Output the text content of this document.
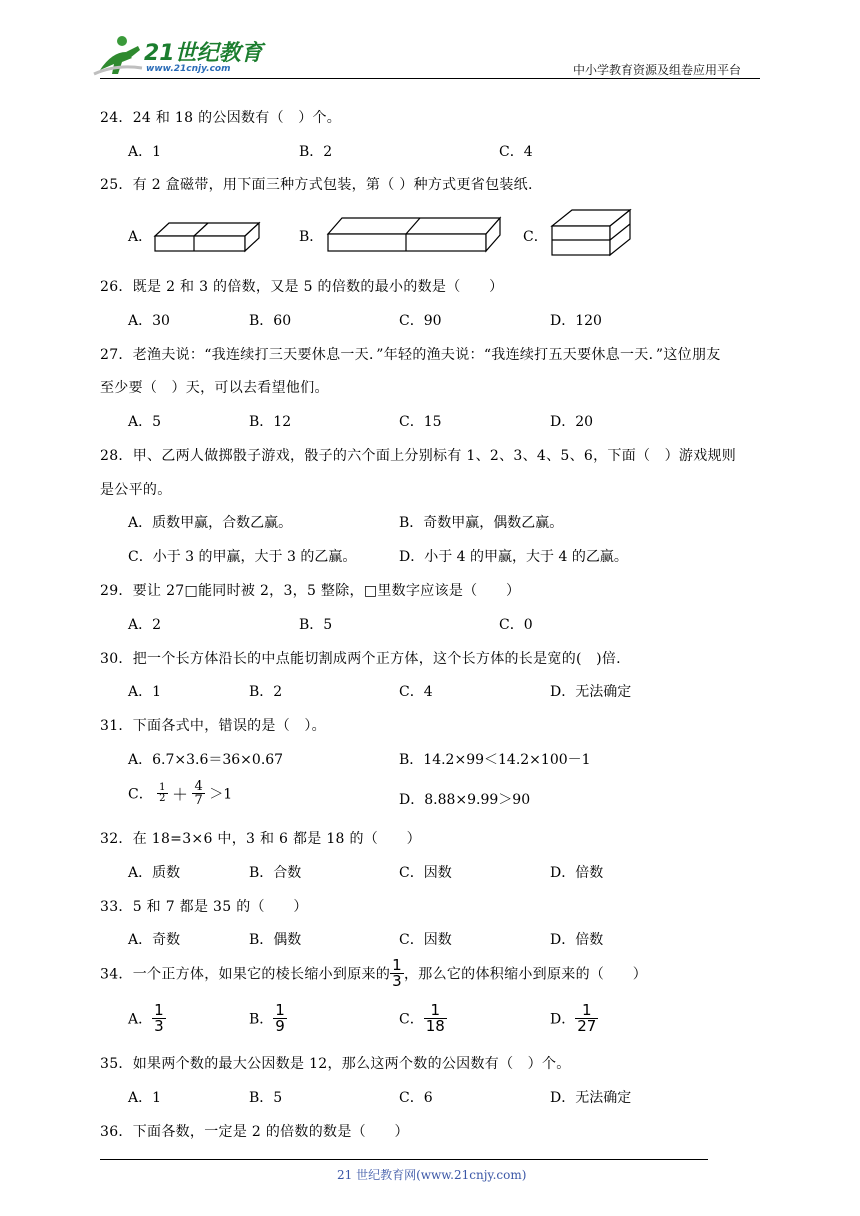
21世纪教育
www.21cnjy.com	中小学教育资源及组卷应用平台
24．24 和 18 的公因数有（　）个。
A．1	B．2	C．4
25．有 2 盒磁带，用下面三种方式包装，第（ ）种方式更省包装纸.
A．	B．	C．
26．既是 2 和 3 的倍数，又是 5 的倍数的最小的数是（　　）
A．30	B．60	C．90	D．120
27．老渔夫说：“我连续打三天要休息一天．”年轻的渔夫说：“我连续打五天要休息一天．”这位朋友
至少要（　）天，可以去看望他们。
A．5	B．12	C．15	D．20
28．甲、乙两人做掷骰子游戏，骰子的六个面上分别标有 1、2、3、4、5、6，下面（　）游戏规则
是公平的。
A．质数甲赢，合数乙赢。	B．奇数甲赢，偶数乙赢。
C．小于 3 的甲赢，大于 3 的乙赢。	D．小于 4 的甲赢，大于 4 的乙赢。
29．要让 27□能同时被 2，3，5 整除，□里数字应该是（　　）
A．2	B．5	C．0
30．把一个长方体沿长的中点能切割成两个正方体，这个长方体的长是宽的(　)倍.
A．1	B．2	C．4	D．无法确定
31．下面各式中，错误的是（　）。
A．6.7×3.6＝36×0.67	B．14.2×99＜14.2×100－1
C． $\frac{1}{2} + \frac{4}{7} >1$	D．8.88×9.99＞90
32．在 18=3×6 中，3 和 6 都是 18 的（　　）
A．质数	B．合数	C．因数	D．倍数
33．5 和 7 都是 35 的（　　）
A．奇数	B．偶数	C．因数	D．倍数
34．一个正方体，如果它的棱长缩小到原来的 $\frac{1}{3}$ ，那么它的体积缩小到原来的（　　）
A． $\frac{1}{3}$	B． $\frac{1}{9}$	C． $\frac{1}{18}$	D． $\frac{1}{27}$
35．如果两个数的最大公因数是 12，那么这两个数的公因数有（　）个。
A．1	B．5	C．6	D．无法确定
36．下面各数，一定是 2 的倍数的数是（　　）
21 世纪教育网(www.21cnjy.com)
